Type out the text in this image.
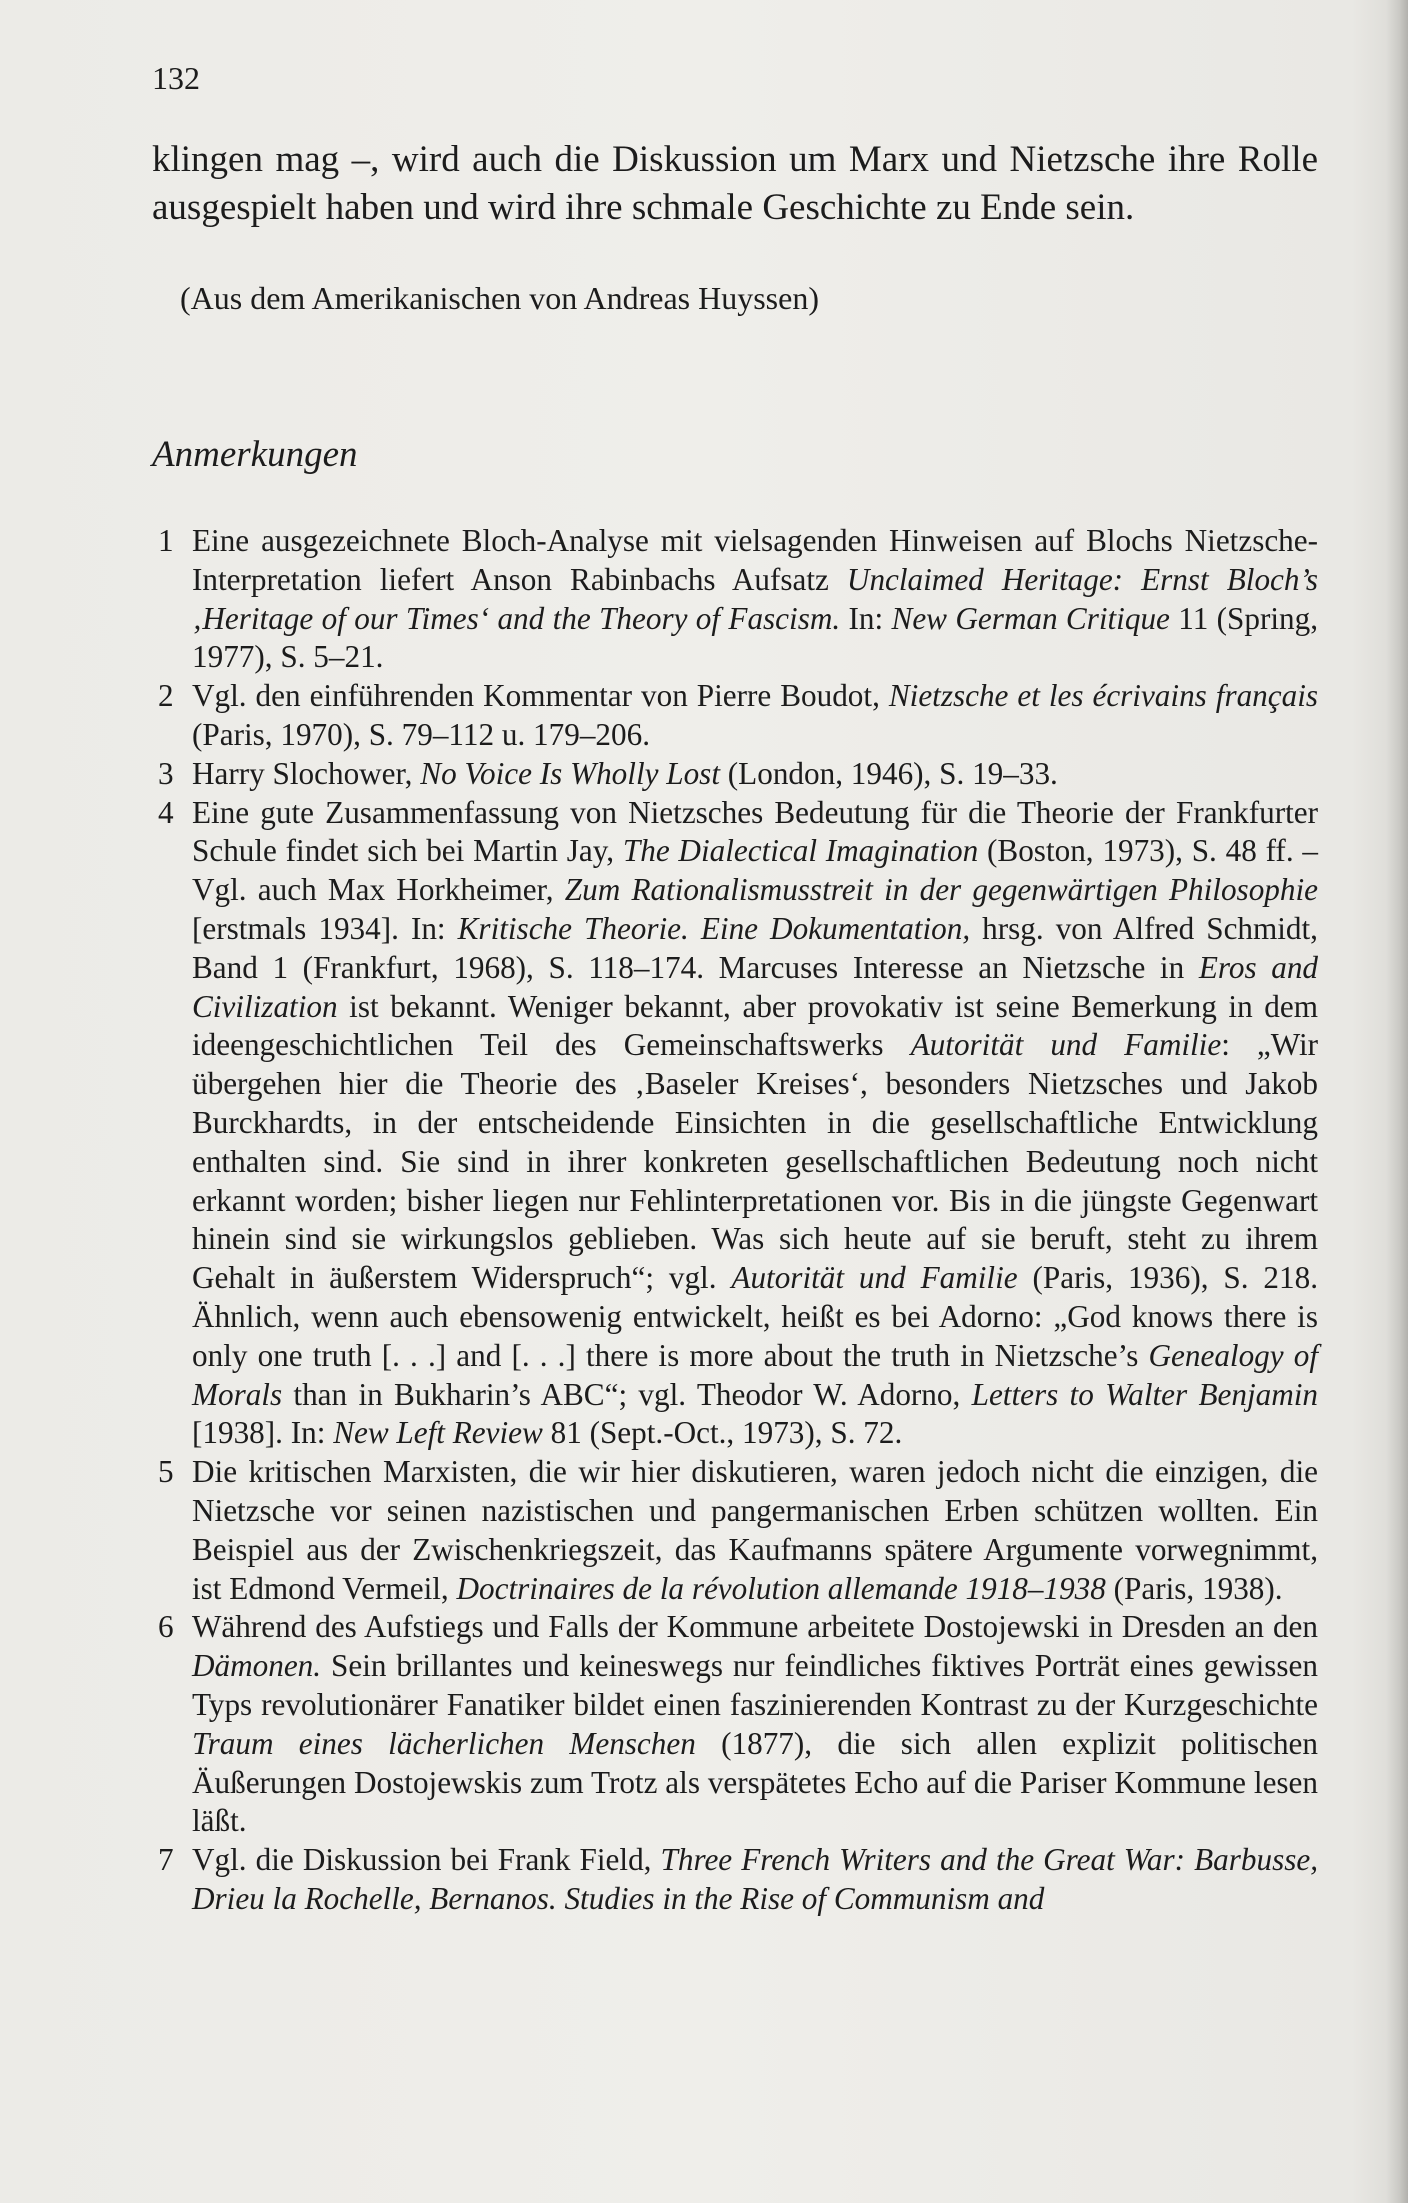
132
klingen mag –, wird auch die Diskussion um Marx und Nietzsche ihre Rolle ausgespielt haben und wird ihre schmale Geschichte zu Ende sein.
(Aus dem Amerikanischen von Andreas Huyssen)
Anmerkungen

1 Eine ausgezeichnete Bloch-Analyse mit vielsagenden Hinweisen auf Blochs Nietzsche-Interpretation liefert Anson Rabinbachs Aufsatz Unclaimed Heritage: Ernst Bloch’s ‚Heritage of our Times‘ and the Theory of Fascism. In: New German Critique 11 (Spring, 1977), S. 5–21.

2 Vgl. den einführenden Kommentar von Pierre Boudot, Nietzsche et les écrivains français (Paris, 1970), S. 79–112 u. 179–206.

3 Harry Slochower, No Voice Is Wholly Lost (London, 1946), S. 19–33.

4 Eine gute Zusammenfassung von Nietzsches Bedeutung für die Theorie der Frankfurter Schule findet sich bei Martin Jay, The Dialectical Imagination (Boston, 1973), S. 48 ff. – Vgl. auch Max Horkheimer, Zum Rationalismusstreit in der gegenwärtigen Philosophie [erstmals 1934]. In: Kritische Theorie. Eine Dokumentation, hrsg. von Alfred Schmidt, Band 1 (Frankfurt, 1968), S. 118–174. Marcuses Interesse an Nietzsche in Eros and Civilization ist bekannt. Weniger bekannt, aber provokativ ist seine Bemerkung in dem ideengeschichtlichen Teil des Gemeinschaftswerks Autorität und Familie: „Wir übergehen hier die Theorie des ‚Baseler Kreises‘, besonders Nietzsches und Jakob Burckhardts, in der entscheidende Einsichten in die gesellschaftliche Entwicklung enthalten sind. Sie sind in ihrer konkreten gesellschaftlichen Bedeutung noch nicht erkannt worden; bisher liegen nur Fehlinterpretationen vor. Bis in die jüngste Gegenwart hinein sind sie wirkungslos geblieben. Was sich heute auf sie beruft, steht zu ihrem Gehalt in äußerstem Widerspruch“; vgl. Autorität und Familie (Paris, 1936), S. 218. Ähnlich, wenn auch ebensowenig entwickelt, heißt es bei Adorno: „God knows there is only one truth [. . .] and [. . .] there is more about the truth in Nietzsche’s Genealogy of Morals than in Bukharin’s ABC“; vgl. Theodor W. Adorno, Letters to Walter Benjamin [1938]. In: New Left Review 81 (Sept.-Oct., 1973), S. 72.

5 Die kritischen Marxisten, die wir hier diskutieren, waren jedoch nicht die einzigen, die Nietzsche vor seinen nazistischen und pangermanischen Erben schützen wollten. Ein Beispiel aus der Zwischenkriegszeit, das Kaufmanns spätere Argumente vorwegnimmt, ist Edmond Vermeil, Doctrinaires de la révolution allemande 1918–1938 (Paris, 1938).

6 Während des Aufstiegs und Falls der Kommune arbeitete Dostojewski in Dresden an den Dämonen. Sein brillantes und keineswegs nur feindliches fiktives Porträt eines gewissen Typs revolutionärer Fanatiker bildet einen faszinierenden Kontrast zu der Kurzgeschichte Traum eines lächerlichen Menschen (1877), die sich allen explizit politischen Äußerungen Dostojewskis zum Trotz als verspätetes Echo auf die Pariser Kommune lesen läßt.

7 Vgl. die Diskussion bei Frank Field, Three French Writers and the Great War: Barbusse, Drieu la Rochelle, Bernanos. Studies in the Rise of Communism and
